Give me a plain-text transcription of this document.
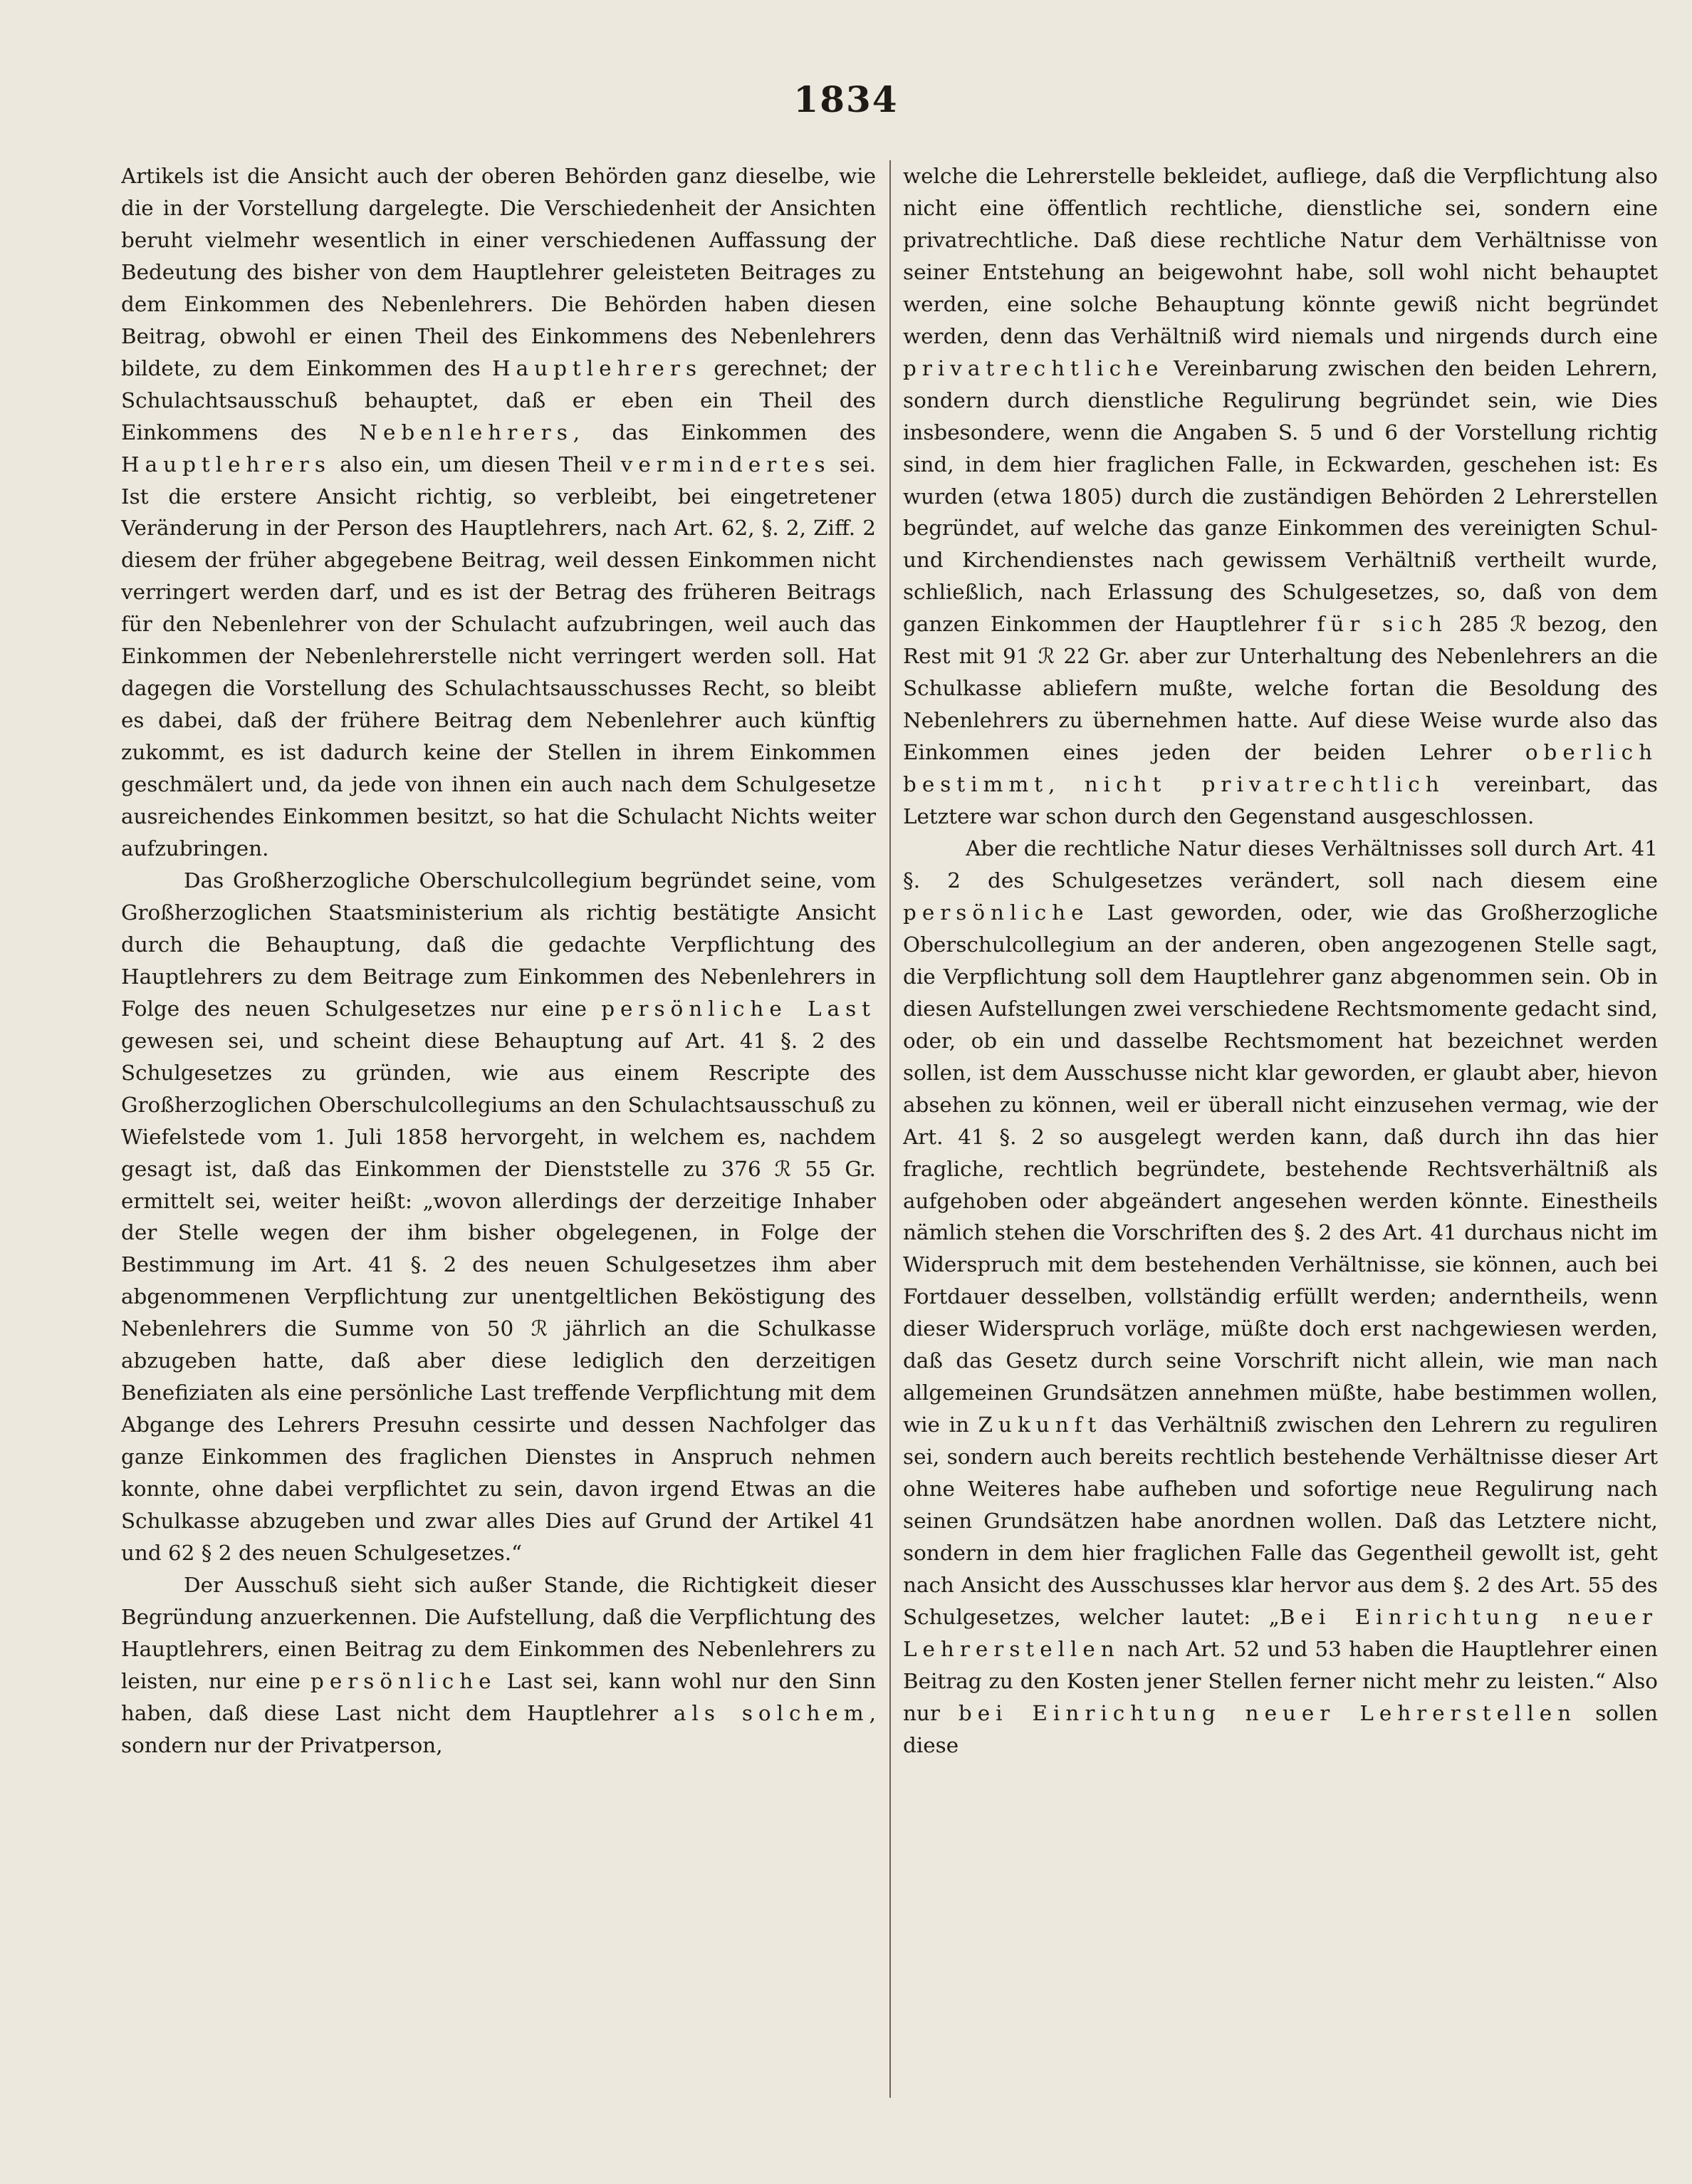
1834

Artikels ist die Ansicht auch der oberen Behörden ganz dieselbe, wie die in der Vorstellung dargelegte. Die Verschiedenheit der Ansichten beruht vielmehr wesentlich in einer verschiedenen Auffassung der Bedeutung des bisher von dem Hauptlehrer geleisteten Beitrages zu dem Einkommen des Nebenlehrers. Die Behörden haben diesen Beitrag, obwohl er einen Theil des Einkommens des Nebenlehrers bildete, zu dem Einkommen des Hauptlehrers gerechnet; der Schulachtsausschuß behauptet, daß er eben ein Theil des Einkommens des Nebenlehrers, das Einkommen des Hauptlehrers also ein, um diesen Theil vermindertes sei. Ist die erstere Ansicht richtig, so verbleibt, bei eingetretener Veränderung in der Person des Hauptlehrers, nach Art. 62, §. 2, Ziff. 2 diesem der früher abgegebene Beitrag, weil dessen Einkommen nicht verringert werden darf, und es ist der Betrag des früheren Beitrags für den Nebenlehrer von der Schulacht aufzubringen, weil auch das Einkommen der Nebenlehrerstelle nicht verringert werden soll. Hat dagegen die Vorstellung des Schulachtsausschusses Recht, so bleibt es dabei, daß der frühere Beitrag dem Nebenlehrer auch künftig zukommt, es ist dadurch keine der Stellen in ihrem Einkommen geschmälert und, da jede von ihnen ein auch nach dem Schulgesetze ausreichendes Einkommen besitzt, so hat die Schulacht Nichts weiter aufzubringen.

Das Großherzogliche Oberschulcollegium begründet seine, vom Großherzoglichen Staatsministerium als richtig bestätigte Ansicht durch die Behauptung, daß die gedachte Verpflichtung des Hauptlehrers zu dem Beitrage zum Einkommen des Nebenlehrers in Folge des neuen Schulgesetzes nur eine persönliche Last gewesen sei, und scheint diese Behauptung auf Art. 41 §. 2 des Schulgesetzes zu gründen, wie aus einem Rescripte des Großherzoglichen Oberschulcollegiums an den Schulachtsausschuß zu Wiefelstede vom 1. Juli 1858 hervorgeht, in welchem es, nachdem gesagt ist, daß das Einkommen der Dienststelle zu 376 ℛ 55 Gr. ermittelt sei, weiter heißt: „wovon allerdings der derzeitige Inhaber der Stelle wegen der ihm bisher obgelegenen, in Folge der Bestimmung im Art. 41 §. 2 des neuen Schulgesetzes ihm aber abgenommenen Verpflichtung zur unentgeltlichen Beköstigung des Nebenlehrers die Summe von 50 ℛ jährlich an die Schulkasse abzugeben hatte, daß aber diese lediglich den derzeitigen Benefiziaten als eine persönliche Last treffende Verpflichtung mit dem Abgange des Lehrers Presuhn cessirte und dessen Nachfolger das ganze Einkommen des fraglichen Dienstes in Anspruch nehmen konnte, ohne dabei verpflichtet zu sein, davon irgend Etwas an die Schulkasse abzugeben und zwar alles Dies auf Grund der Artikel 41 und 62 § 2 des neuen Schulgesetzes.“

Der Ausschuß sieht sich außer Stande, die Richtigkeit dieser Begründung anzuerkennen. Die Aufstellung, daß die Verpflichtung des Hauptlehrers, einen Beitrag zu dem Einkommen des Nebenlehrers zu leisten, nur eine persönliche Last sei, kann wohl nur den Sinn haben, daß diese Last nicht dem Hauptlehrer als solchem, sondern nur der Privatperson,

welche die Lehrerstelle bekleidet, aufliege, daß die Verpflichtung also nicht eine öffentlich rechtliche, dienstliche sei, sondern eine privatrechtliche. Daß diese rechtliche Natur dem Verhältnisse von seiner Entstehung an beigewohnt habe, soll wohl nicht behauptet werden, eine solche Behauptung könnte gewiß nicht begründet werden, denn das Verhältniß wird niemals und nirgends durch eine privatrechtliche Vereinbarung zwischen den beiden Lehrern, sondern durch dienstliche Regulirung begründet sein, wie Dies insbesondere, wenn die Angaben S. 5 und 6 der Vorstellung richtig sind, in dem hier fraglichen Falle, in Eckwarden, geschehen ist: Es wurden (etwa 1805) durch die zuständigen Behörden 2 Lehrerstellen begründet, auf welche das ganze Einkommen des vereinigten Schul- und Kirchendienstes nach gewissem Verhältniß vertheilt wurde, schließlich, nach Erlassung des Schulgesetzes, so, daß von dem ganzen Einkommen der Hauptlehrer für sich 285 ℛ bezog, den Rest mit 91 ℛ 22 Gr. aber zur Unterhaltung des Nebenlehrers an die Schulkasse abliefern mußte, welche fortan die Besoldung des Nebenlehrers zu übernehmen hatte. Auf diese Weise wurde also das Einkommen eines jeden der beiden Lehrer oberlich bestimmt, nicht privatrechtlich vereinbart, das Letztere war schon durch den Gegenstand ausgeschlossen.

Aber die rechtliche Natur dieses Verhältnisses soll durch Art. 41 §. 2 des Schulgesetzes verändert, soll nach diesem eine persönliche Last geworden, oder, wie das Großherzogliche Oberschulcollegium an der anderen, oben angezogenen Stelle sagt, die Verpflichtung soll dem Hauptlehrer ganz abgenommen sein. Ob in diesen Aufstellungen zwei verschiedene Rechtsmomente gedacht sind, oder, ob ein und dasselbe Rechtsmoment hat bezeichnet werden sollen, ist dem Ausschusse nicht klar geworden, er glaubt aber, hievon absehen zu können, weil er überall nicht einzusehen vermag, wie der Art. 41 §. 2 so ausgelegt werden kann, daß durch ihn das hier fragliche, rechtlich begründete, bestehende Rechtsverhältniß als aufgehoben oder abgeändert angesehen werden könnte. Einestheils nämlich stehen die Vorschriften des §. 2 des Art. 41 durchaus nicht im Widerspruch mit dem bestehenden Verhältnisse, sie können, auch bei Fortdauer desselben, vollständig erfüllt werden; anderntheils, wenn dieser Widerspruch vorläge, müßte doch erst nachgewiesen werden, daß das Gesetz durch seine Vorschrift nicht allein, wie man nach allgemeinen Grundsätzen annehmen müßte, habe bestimmen wollen, wie in Zukunft das Verhältniß zwischen den Lehrern zu reguliren sei, sondern auch bereits rechtlich bestehende Verhältnisse dieser Art ohne Weiteres habe aufheben und sofortige neue Regulirung nach seinen Grundsätzen habe anordnen wollen. Daß das Letztere nicht, sondern in dem hier fraglichen Falle das Gegentheil gewollt ist, geht nach Ansicht des Ausschusses klar hervor aus dem §. 2 des Art. 55 des Schulgesetzes, welcher lautet: „Bei Einrichtung neuer Lehrerstellen nach Art. 52 und 53 haben die Hauptlehrer einen Beitrag zu den Kosten jener Stellen ferner nicht mehr zu leisten.“ Also nur bei Einrichtung neuer Lehrerstellen sollen diese
